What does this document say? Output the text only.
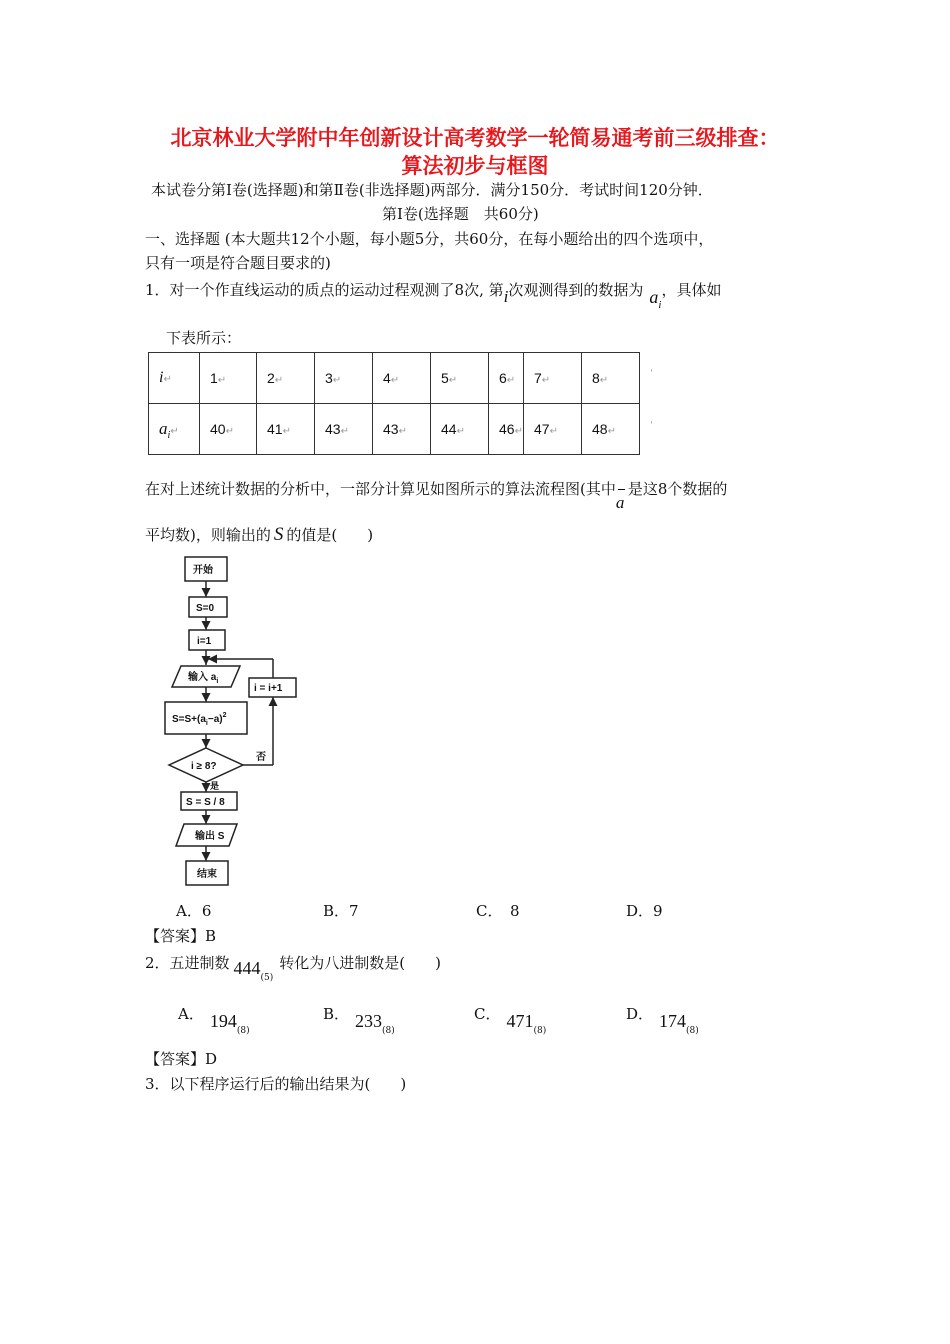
北京林业大学附中年创新设计高考数学一轮简易通考前三级排查：
算法初步与框图
本试卷分第Ⅰ卷(选择题)和第Ⅱ卷(非选择题)两部分．满分150分．考试时间120分钟．
第Ⅰ卷(选择题　共60分)
一、选择题 (本大题共12个小题，每小题5分，共60分，在每小题给出的四个选项中，
只有一项是符合题目要求的)
1．对一个作直线运动的质点的运动过程观测了8次, 第i次观测得到的数据为 $a_i$，具体如
下表所示：
i↵	1↵	2↵	3↵	4↵	5↵	6↵	7↵	8↵
$a_i↵$	40↵	41↵	43↵	43↵	44↵	46↵	47↵	48↵
ˌ
ˌ
在对上述统计数据的分析中，一部分计算见如图所示的算法流程图(其中
a
是这8个数据的
平均数)，则输出的 S 的值是(　　)
开始
S=0
i=1
输入 $a_i$
$S=S+(a_i-a)^2$
i ≥ 8?
否
是
i = i+1
S = S / 8
输出 S
结束
A．6	B．7	C．　8	D．9
【答案】B
2．五进制数 $444_{(5)}$转化为八进制数是(　　)
A． $194_{(8)}$
B． $233_{(8)}$
C． $471_{(8)}$
D． $174_{(8)}$
【答案】D
3．以下程序运行后的输出结果为(　　)
